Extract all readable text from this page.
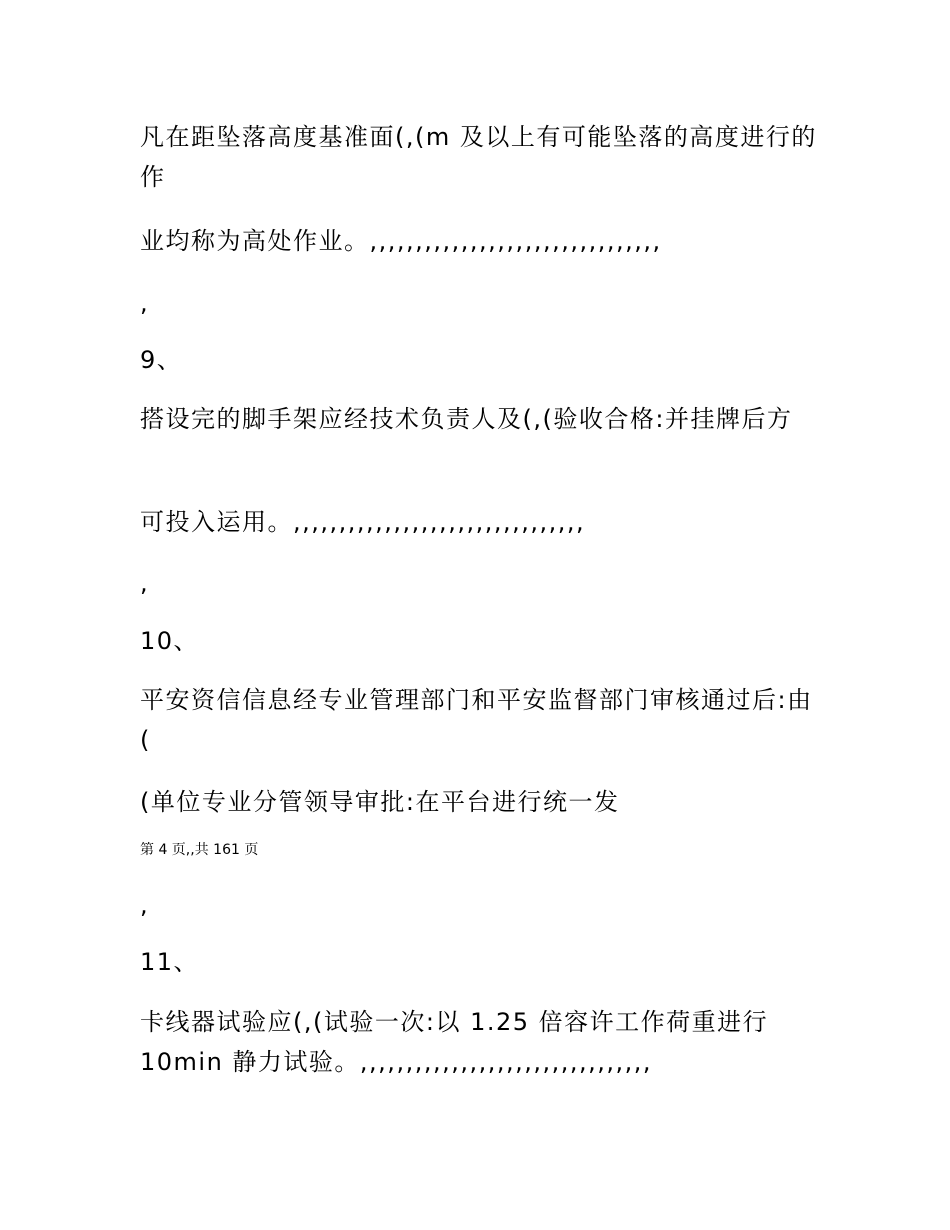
凡在距坠落高度基准面(,(m 及以上有可能坠落的高度进行的作
业均称为高处作业。,,,,,,,,,,,,,,,,,,,,,,,,,,,,,,,,
,
9、
搭设完的脚手架应经技术负责人及(,(验收合格:并挂牌后方
可投入运用。,,,,,,,,,,,,,,,,,,,,,,,,,,,,,,,,
,
10、
平安资信信息经专业管理部门和平安监督部门审核通过后:由(
(单位专业分管领导审批:在平台进行统一发
第 4 页,,共 161 页
,
11、
卡线器试验应(,(试验一次:以 1.25 倍容许工作荷重进行 10min 静力试验。,,,,,,,,,,,,,,,,,,,,,,,,,,,,,,,,
